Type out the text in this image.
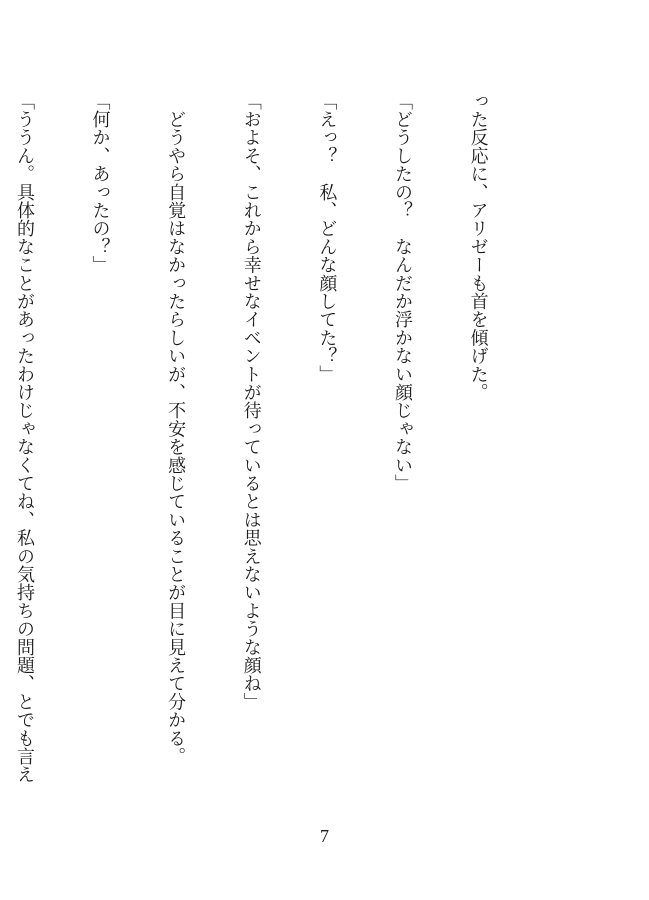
った反応に、アリゼーも首を傾げた。

「どうしたの？　なんだか浮かない顔じゃない」

「えっ？　私、どんな顔してた？」

「およそ、これから幸せなイベントが待っているとは思えないような顔ね」

　どうやら自覚はなかったらしいが、不安を感じていることが目に見えて分かる。

「何か、あったの？」

「ううん。具体的なことがあったわけじゃなくてね、私の気持ちの問題、とでも言え

7
